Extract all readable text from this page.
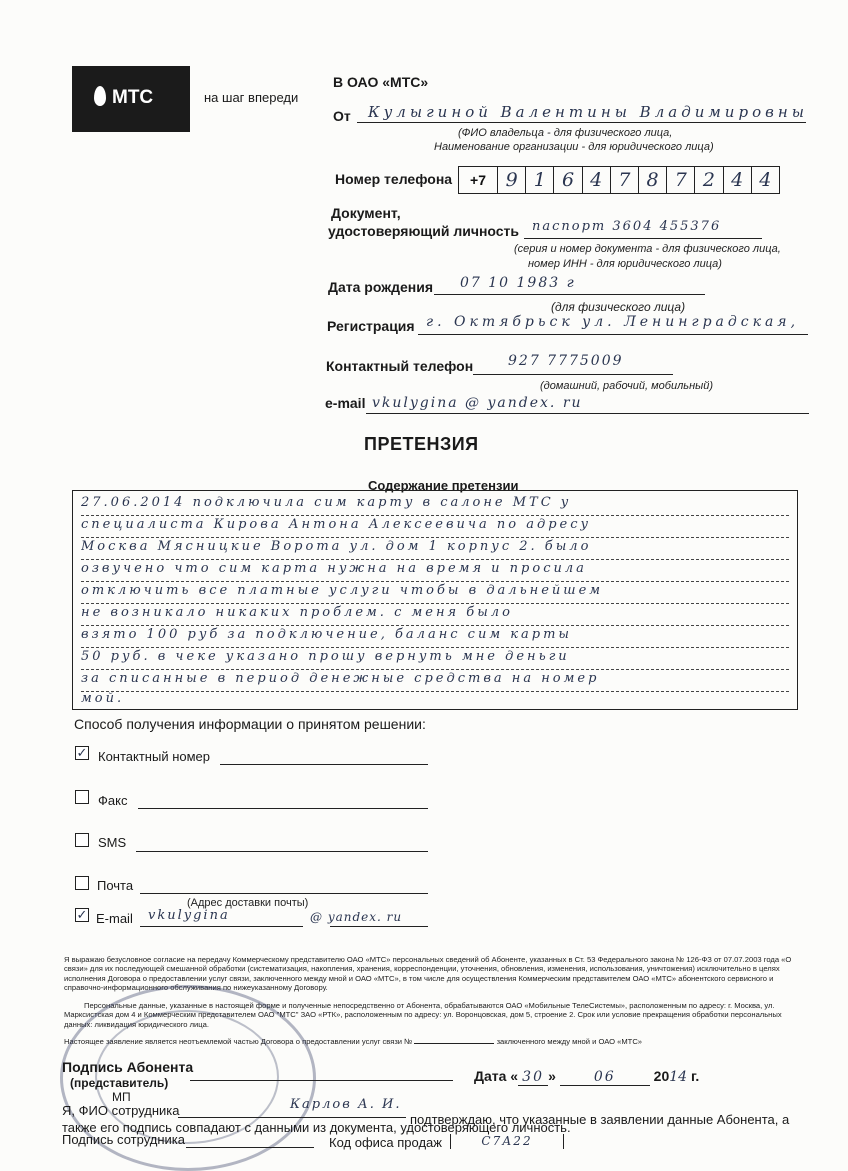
МТС	на шаг впереди
В ОАО «МТС»
От Кулыгиной Валентины Владимировны
(ФИО владельца - для физического лица,
Наименование организации - для юридического лица)
Номер телефона	+7	9 1 6 4 7 8 7 2 4 4
Документ,
удостоверяющий личность паспорт 3604 455376
(серия и номер документа - для физического лица,
номер ИНН - для юридического лица)
Дата рождения 07 10 1983 г
(для физического лица)
Регистрация г. Октябрьск ул. Ленинградская,
Контактный телефон 927 7775009
(домашний, рабочий, мобильный)
e-mail vkulygina @ yandex. ru
ПРЕТЕНЗИЯ
Содержание претензии
27.06.2014 подключила сим карту в салоне МТС у
специалиста Кирова Антона Алексеевича по адресу
Москва Мясницкие Ворота ул. дом 1 корпус 2. было
озвучено что сим карта нужна на время и просила
отключить все платные услуги чтобы в дальнейшем
не возникало никаких проблем. с меня было
взято 100 руб за подключение, баланс сим карты
50 руб. в чеке указано прошу вернуть мне деньги
за списанные в период денежные средства на номер
мой.
Способ получения информации о принятом решении:
✓ Контактный номер
Факс
SMS
Почта
(Адрес доставки почты)
✓ E-mail vkulygina	@ yandex. ru
Я выражаю безусловное согласие на передачу Коммерческому представителю ОАО «МТС» персональных сведений об Абоненте, указанных в Ст. 53 Федерального закона № 126-ФЗ от 07.07.2003 года «О связи» для их последующей смешанной обработки (систематизация, накопления, хранения, корреспонденции, уточнения, обновления, изменения, использования, уничтожения) исключительно в целях исполнения Договора о предоставлении услуг связи, заключенного между мной и ОАО «МТС», в том числе для осуществления Коммерческим представителем ОАО «МТС» абонентского сервисного и справочно-информационного обслуживания по нижеуказанному Договору.
Персональные данные, указанные в настоящей форме и полученные непосредственно от Абонента, обрабатываются ОАО «Мобильные ТелеСистемы», расположенным по адресу: г. Москва, ул. Марксистская дом 4 и Коммерческим представителем ОАО "МТС" ЗАО «РТК», расположенным по адресу: ул. Воронцовская, дом 5, строение 2. Срок или условие прекращения обработки персональных данных: ликвидация юридического лица.
Настоящее заявление является неотъемлемой частью Договора о предоставлении услуг связи №	заключенного между мной и ОАО «МТС»
Подпись Абонента
(представитель)
МП
Дата « 30 » 06	2014 г.
Я, ФИО сотрудника	Карлов А. И.
подтверждаю, что указанные в заявлении данные Абонента, а
также его подпись совпадают с данными из документа, удостоверяющего личность.
Подпись сотрудника	Код офиса продаж	С7А22
